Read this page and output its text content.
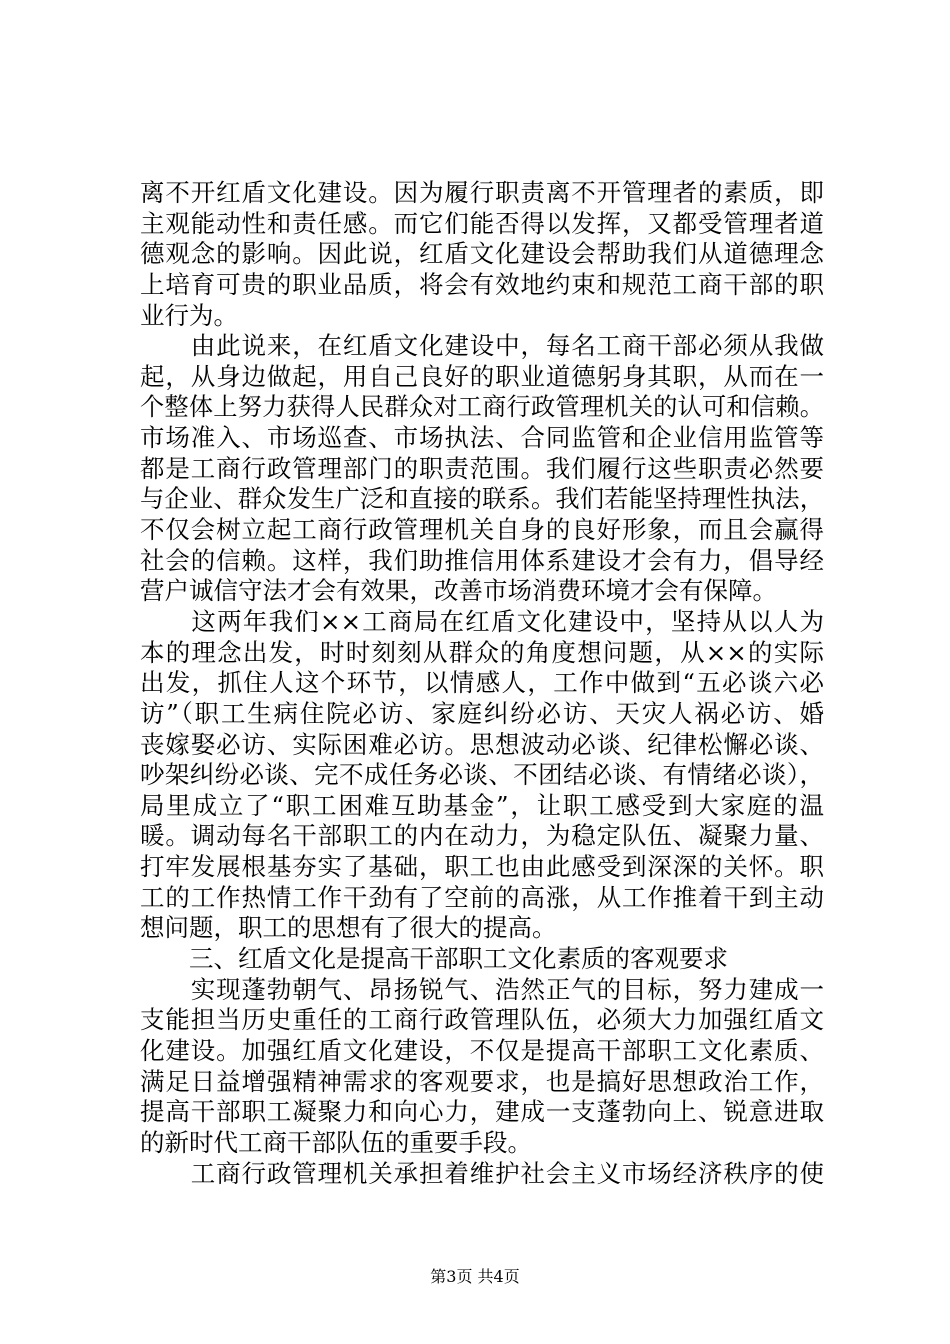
离不开红盾文化建设。因为履行职责离不开管理者的素质，即
主观能动性和责任感。而它们能否得以发挥，又都受管理者道
德观念的影响。因此说，红盾文化建设会帮助我们从道德理念
上培育可贵的职业品质，将会有效地约束和规范工商干部的职
业行为。
　　由此说来，在红盾文化建设中，每名工商干部必须从我做
起，从身边做起，用自己良好的职业道德躬身其职，从而在一
个整体上努力获得人民群众对工商行政管理机关的认可和信赖。
市场准入、市场巡查、市场执法、合同监管和企业信用监管等
都是工商行政管理部门的职责范围。我们履行这些职责必然要
与企业、群众发生广泛和直接的联系。我们若能坚持理性执法，
不仅会树立起工商行政管理机关自身的良好形象，而且会赢得
社会的信赖。这样，我们助推信用体系建设才会有力，倡导经
营户诚信守法才会有效果，改善市场消费环境才会有保障。
　　这两年我们××工商局在红盾文化建设中，坚持从以人为
本的理念出发，时时刻刻从群众的角度想问题，从××的实际
出发，抓住人这个环节，以情感人，工作中做到“五必谈六必
访”（职工生病住院必访、家庭纠纷必访、天灾人祸必访、婚
丧嫁娶必访、实际困难必访。思想波动必谈、纪律松懈必谈、
吵架纠纷必谈、完不成任务必谈、不团结必谈、有情绪必谈），
局里成立了“职工困难互助基金”，让职工感受到大家庭的温
暖。调动每名干部职工的内在动力，为稳定队伍、凝聚力量、
打牢发展根基夯实了基础，职工也由此感受到深深的关怀。职
工的工作热情工作干劲有了空前的高涨，从工作推着干到主动
想问题，职工的思想有了很大的提高。
　　三、红盾文化是提高干部职工文化素质的客观要求
　　实现蓬勃朝气、昂扬锐气、浩然正气的目标，努力建成一
支能担当历史重任的工商行政管理队伍，必须大力加强红盾文
化建设。加强红盾文化建设，不仅是提高干部职工文化素质、
满足日益增强精神需求的客观要求，也是搞好思想政治工作，
提高干部职工凝聚力和向心力，建成一支蓬勃向上、锐意进取
的新时代工商干部队伍的重要手段。
　　工商行政管理机关承担着维护社会主义市场经济秩序的使
第3页 共4页
